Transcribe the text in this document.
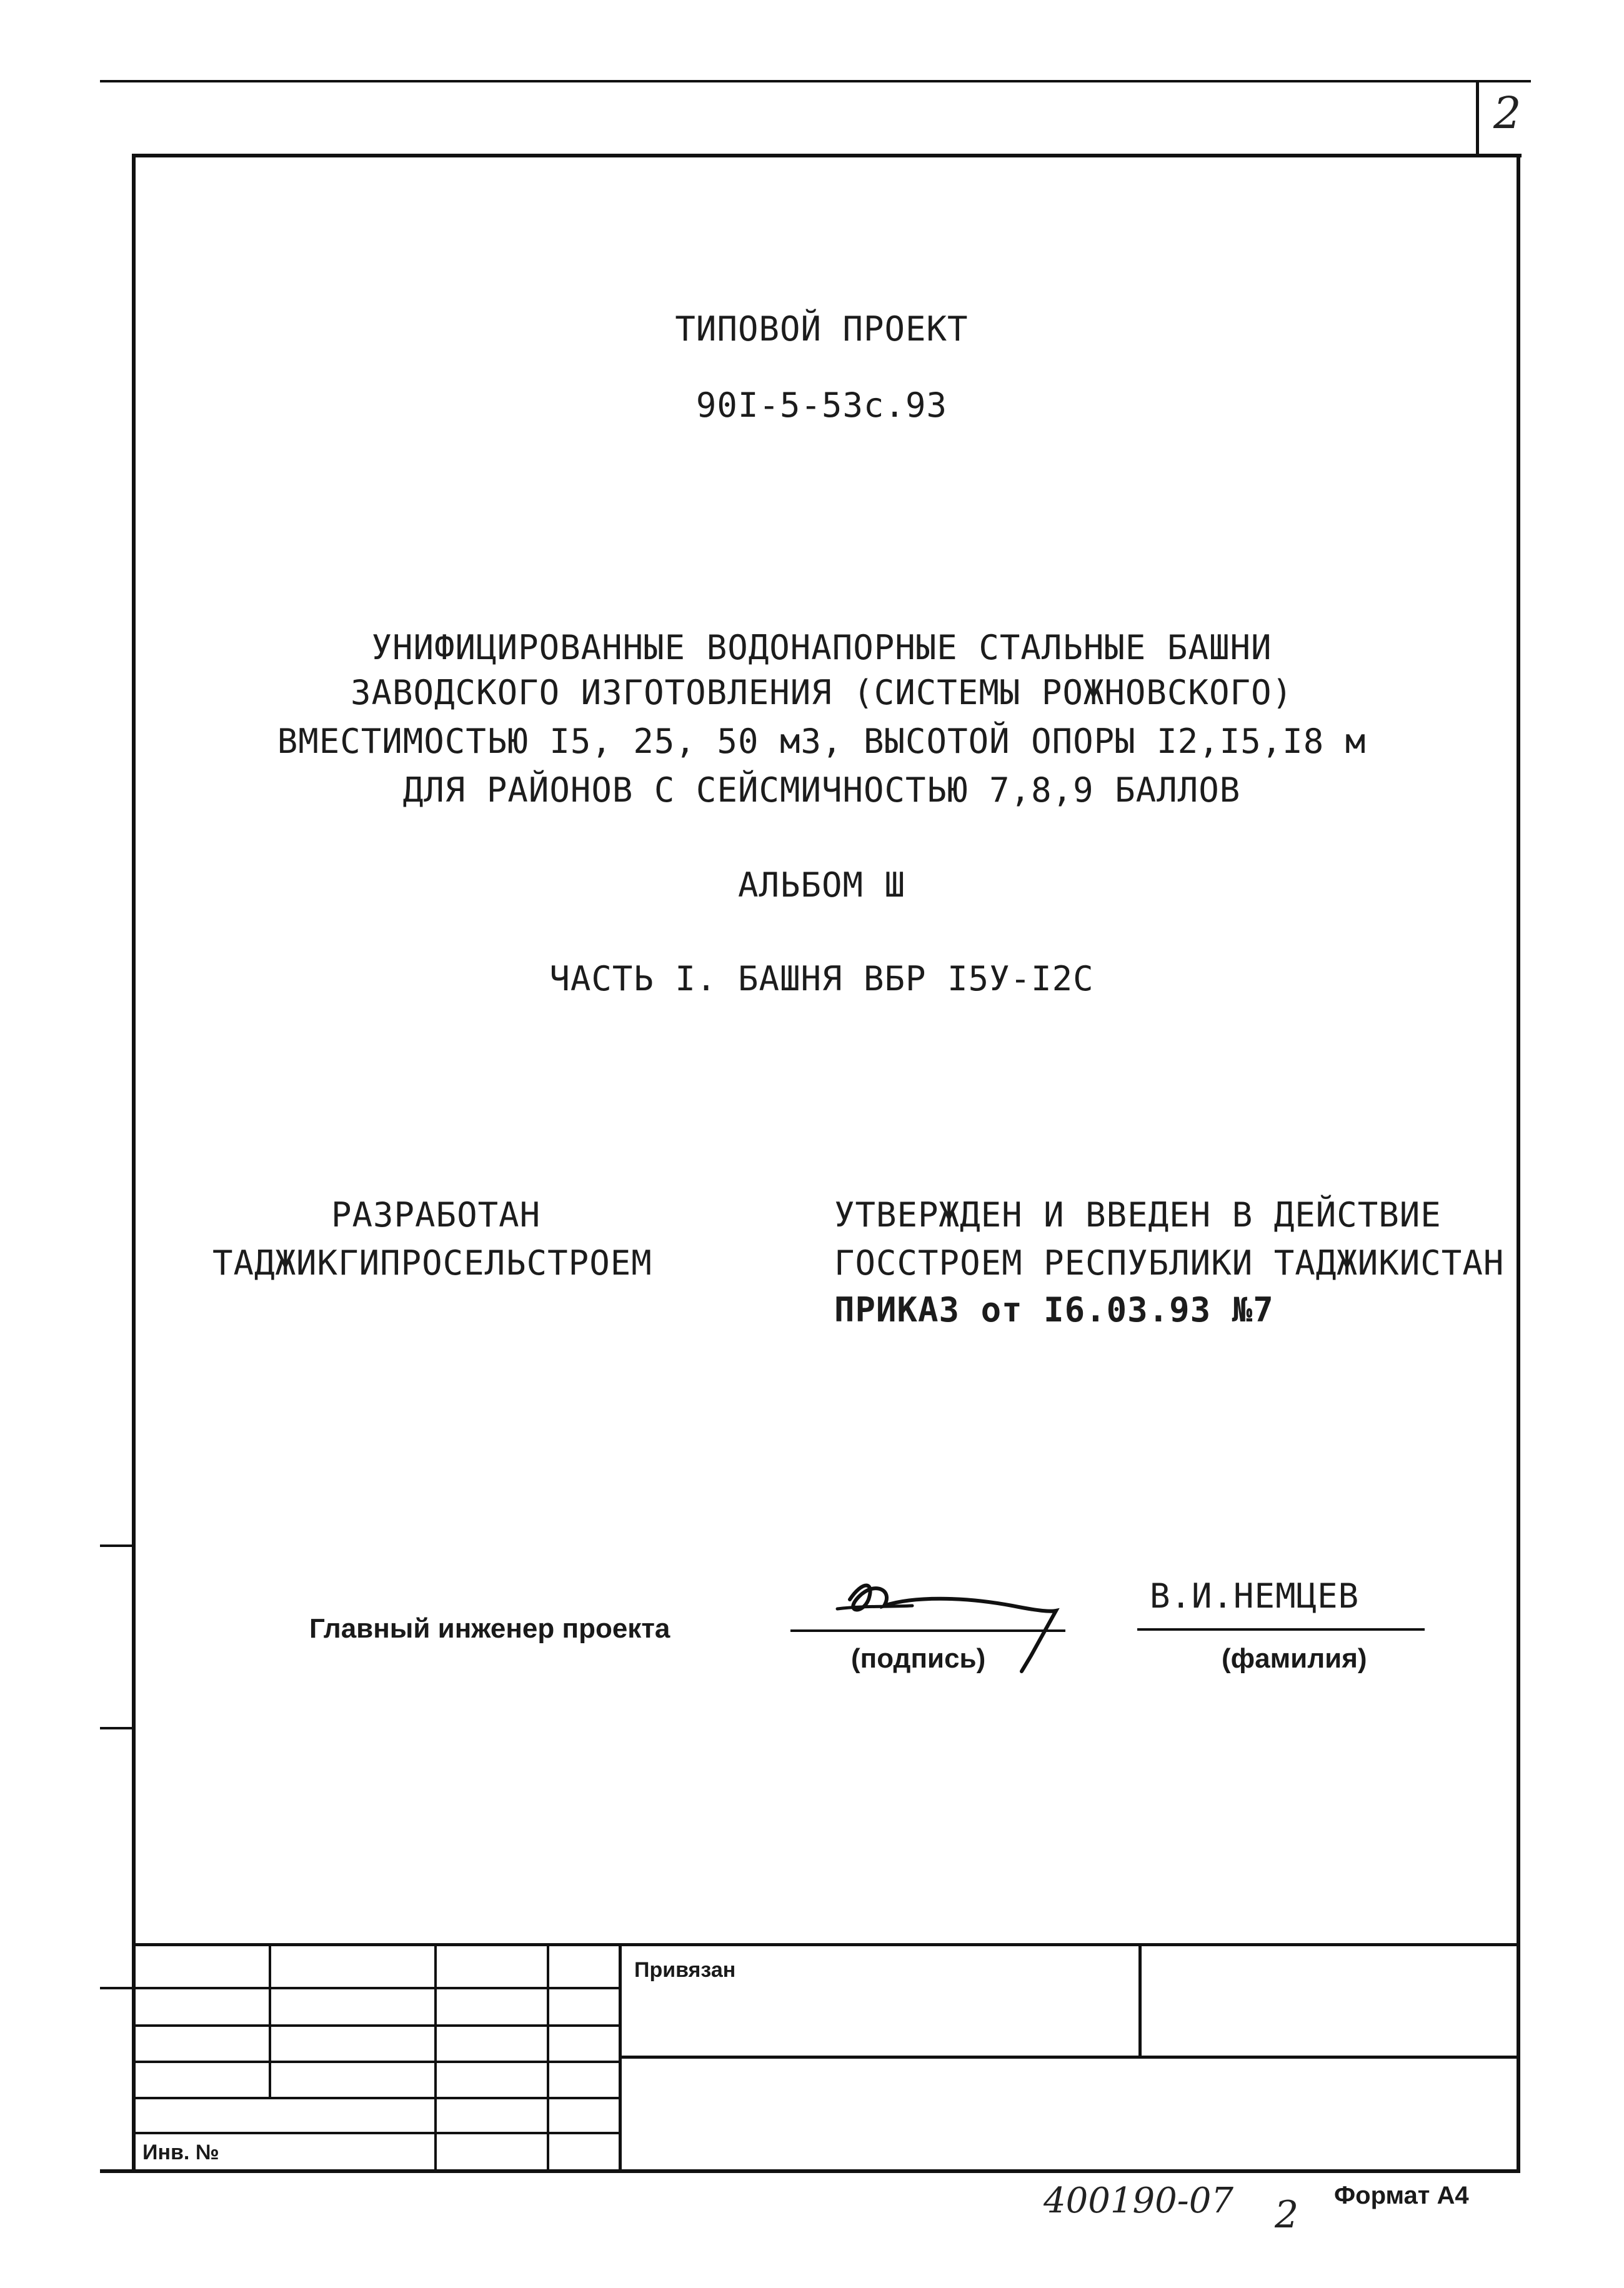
2
ТИПОВОЙ ПРОЕКТ
90I-5-53с.93
УНИФИЦИРОВАННЫЕ ВОДОНАПОРНЫЕ СТАЛЬНЫЕ БАШНИ
ЗАВОДСКОГО ИЗГОТОВЛЕНИЯ (СИСТЕМЫ РОЖНОВСКОГО)
ВМЕСТИМОСТЬЮ I5, 25, 50 м3, ВЫСОТОЙ ОПОРЫ I2,I5,I8 м
ДЛЯ РАЙОНОВ С СЕЙСМИЧНОСТЬЮ 7,8,9 БАЛЛОВ
АЛЬБОМ Ш
ЧАСТЬ I. БАШНЯ ВБР I5У-I2С
РАЗРАБОТАН
ТАДЖИКГИПРОСЕЛЬСТРОЕМ
УТВЕРЖДЕН И ВВЕДЕН В ДЕЙСТВИЕ
ГОССТРОЕМ РЕСПУБЛИКИ ТАДЖИКИСТАН
ПРИКАЗ от I6.03.93 №7
Главный инженер проекта
(подпись)
В.И.НЕМЦЕВ
(фамилия)
Привязан
Инв. №
400190-07 2 Формат А4
